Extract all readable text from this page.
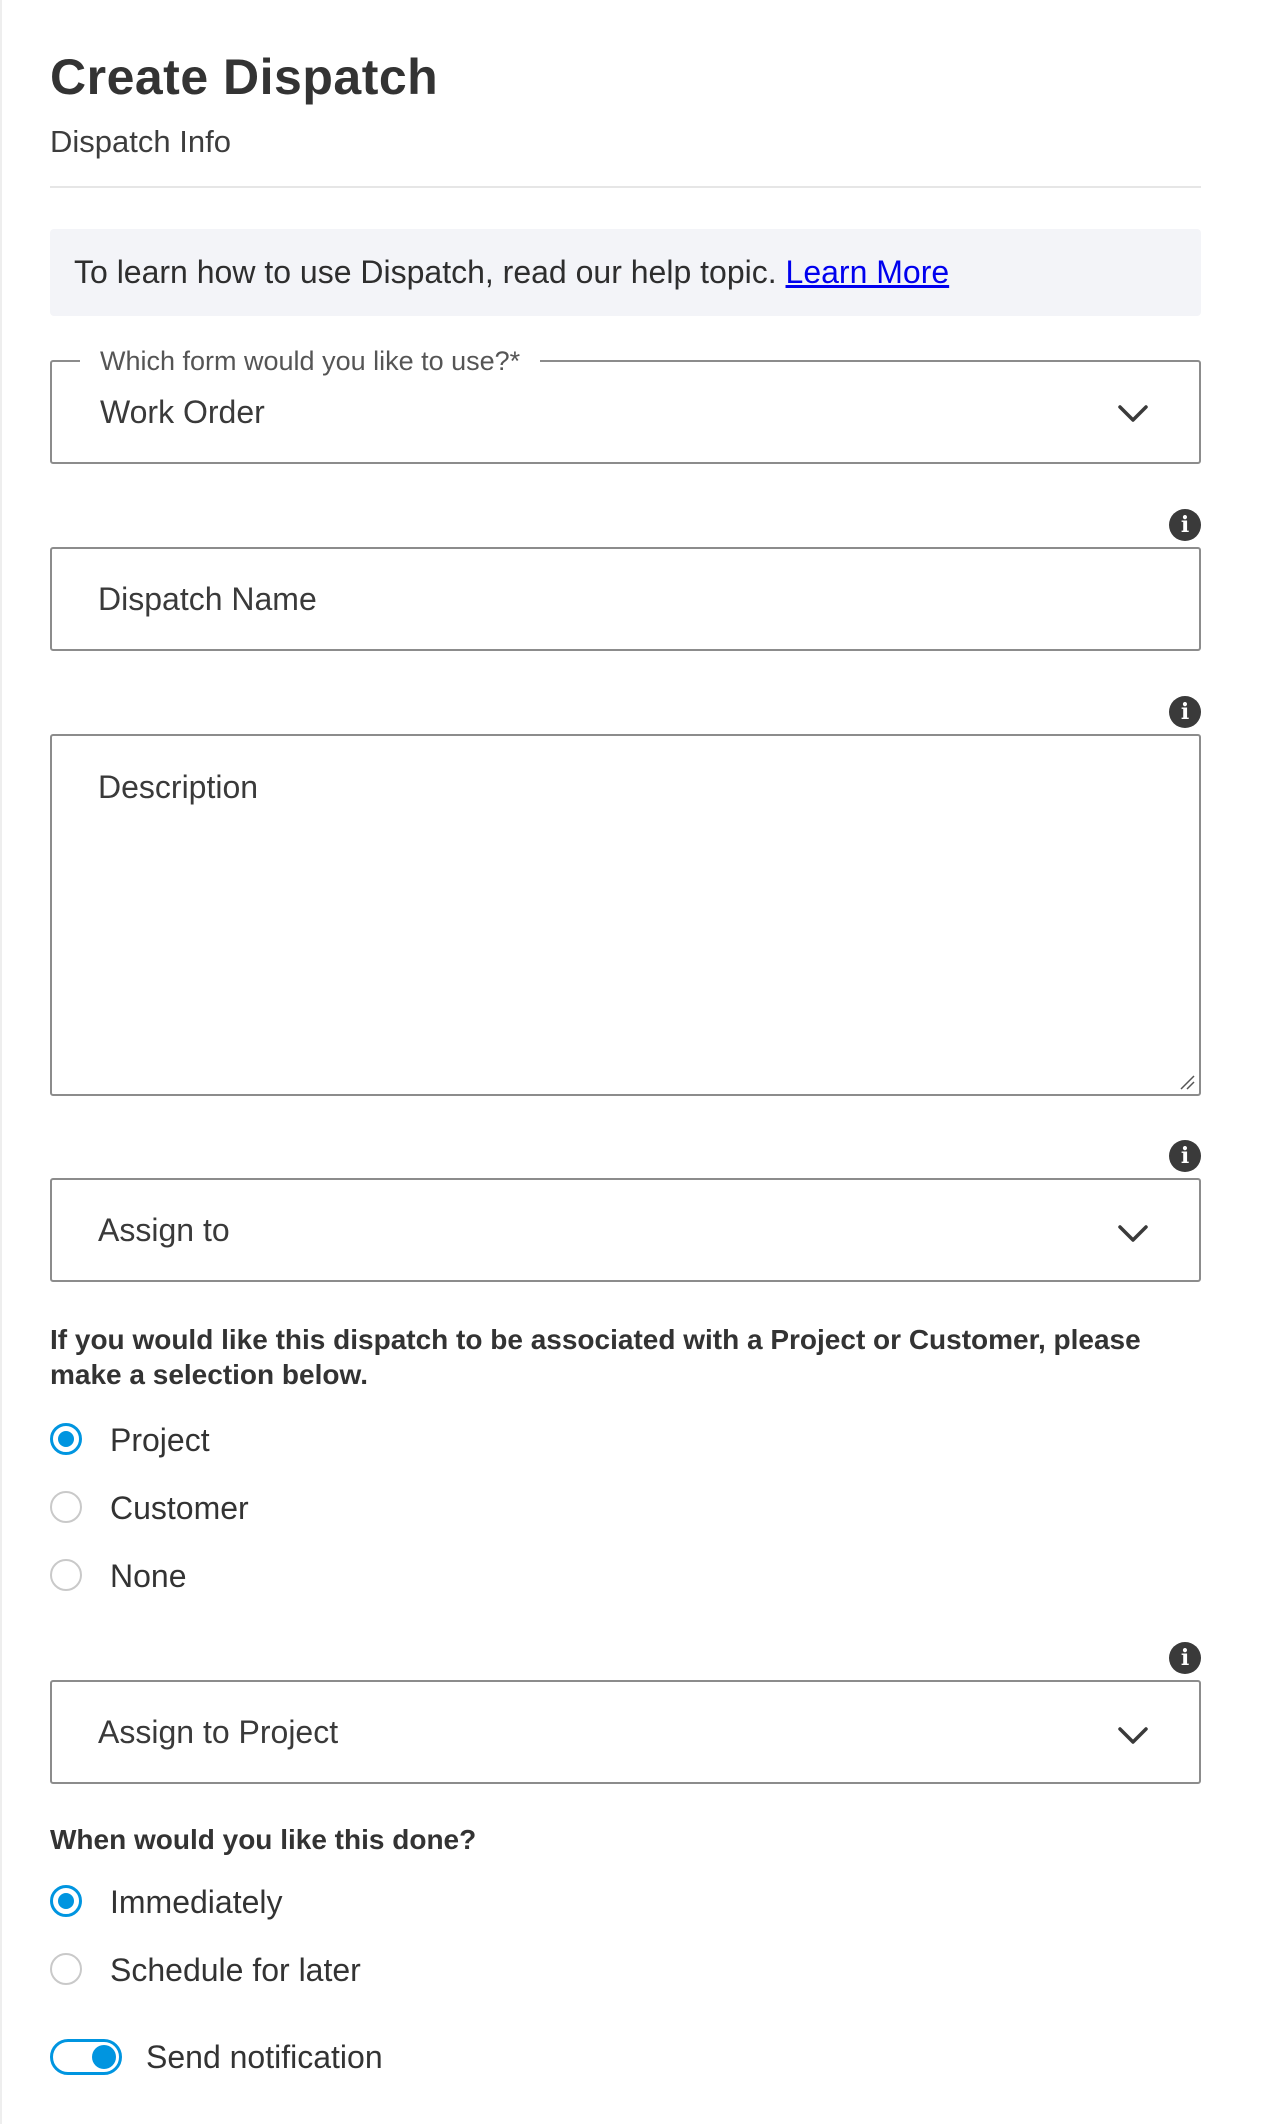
Create Dispatch
Dispatch Info
To learn how to use Dispatch, read our help topic. Learn More
Which form would you like to use?*
Work Order
i
Dispatch Name
i
Description
i
Assign to
If you would like this dispatch to be associated with a Project or Customer, please make a selection below.
Project
Customer
None
i
Assign to Project
When would you like this done?
Immediately
Schedule for later
Send notification
